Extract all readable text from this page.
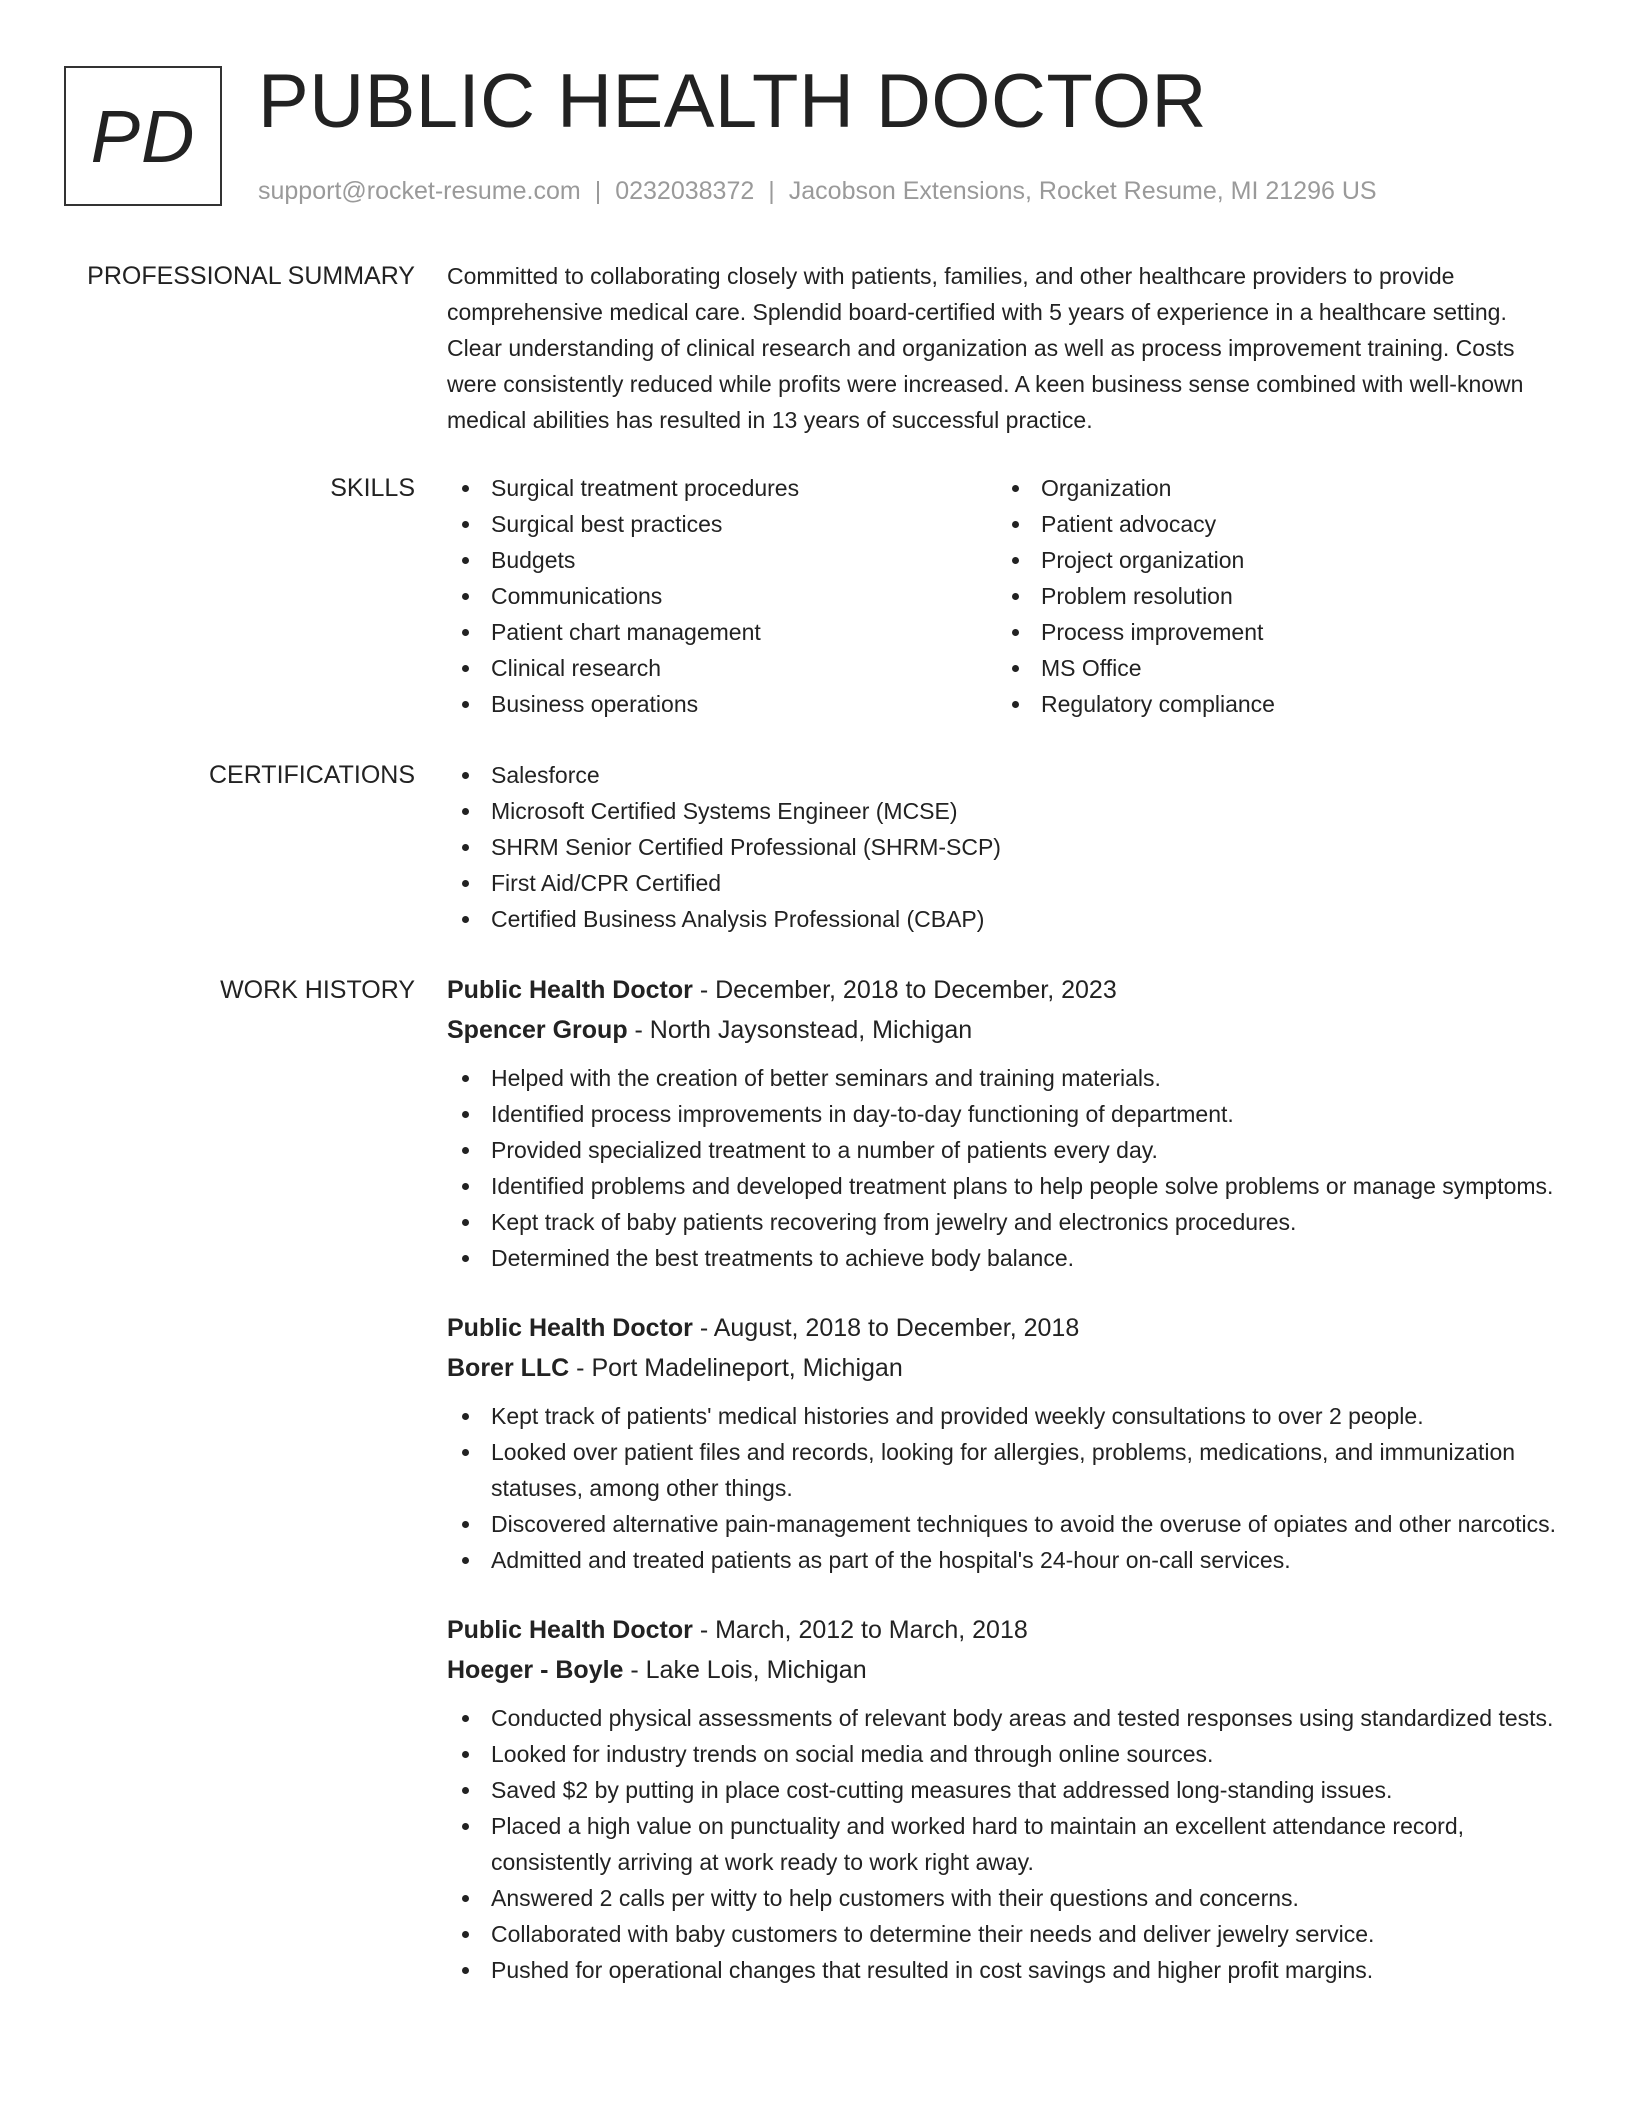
PD PUBLIC HEALTH DOCTOR
support@rocket-resume.com | 0232038372 | Jacobson Extensions, Rocket Resume, MI 21296 US
PROFESSIONAL SUMMARY Committed to collaborating closely with patients, families, and other healthcare providers to provide comprehensive medical care. Splendid board-certified with 5 years of experience in a healthcare setting. Clear understanding of clinical research and organization as well as process improvement training. Costs were consistently reduced while profits were increased. A keen business sense combined with well-known medical abilities has resulted in 13 years of successful practice.

SKILLS	Surgical treatment procedures
Surgical best practices
Budgets
Communications
Patient chart management
Clinical research
Business operations
Organization
Patient advocacy
Project organization
Problem resolution
Process improvement
MS Office
Regulatory compliance
CERTIFICATIONS	Salesforce
Microsoft Certified Systems Engineer (MCSE)
SHRM Senior Certified Professional (SHRM-SCP)
First Aid/CPR Certified
Certified Business Analysis Professional (CBAP)
WORK HISTORY Public Health Doctor - December, 2018 to December, 2023
Spencer Group - North Jaysonstead, Michigan
Helped with the creation of better seminars and training materials.
Identified process improvements in day-to-day functioning of department.
Provided specialized treatment to a number of patients every day.
Identified problems and developed treatment plans to help people solve problems or manage symptoms.
Kept track of baby patients recovering from jewelry and electronics procedures.
Determined the best treatments to achieve body balance.
Public Health Doctor - August, 2018 to December, 2018
Borer LLC - Port Madelineport, Michigan
Kept track of patients' medical histories and provided weekly consultations to over 2 people.
Looked over patient files and records, looking for allergies, problems, medications, and immunization statuses, among other things.
Discovered alternative pain-management techniques to avoid the overuse of opiates and other narcotics.
Admitted and treated patients as part of the hospital's 24-hour on-call services.
Public Health Doctor - March, 2012 to March, 2018
Hoeger - Boyle - Lake Lois, Michigan
Conducted physical assessments of relevant body areas and tested responses using standardized tests.
Looked for industry trends on social media and through online sources.
Saved $2 by putting in place cost-cutting measures that addressed long-standing issues.
Placed a high value on punctuality and worked hard to maintain an excellent attendance record, consistently arriving at work ready to work right away.
Answered 2 calls per witty to help customers with their questions and concerns.
Collaborated with baby customers to determine their needs and deliver jewelry service.
Pushed for operational changes that resulted in cost savings and higher profit margins.
